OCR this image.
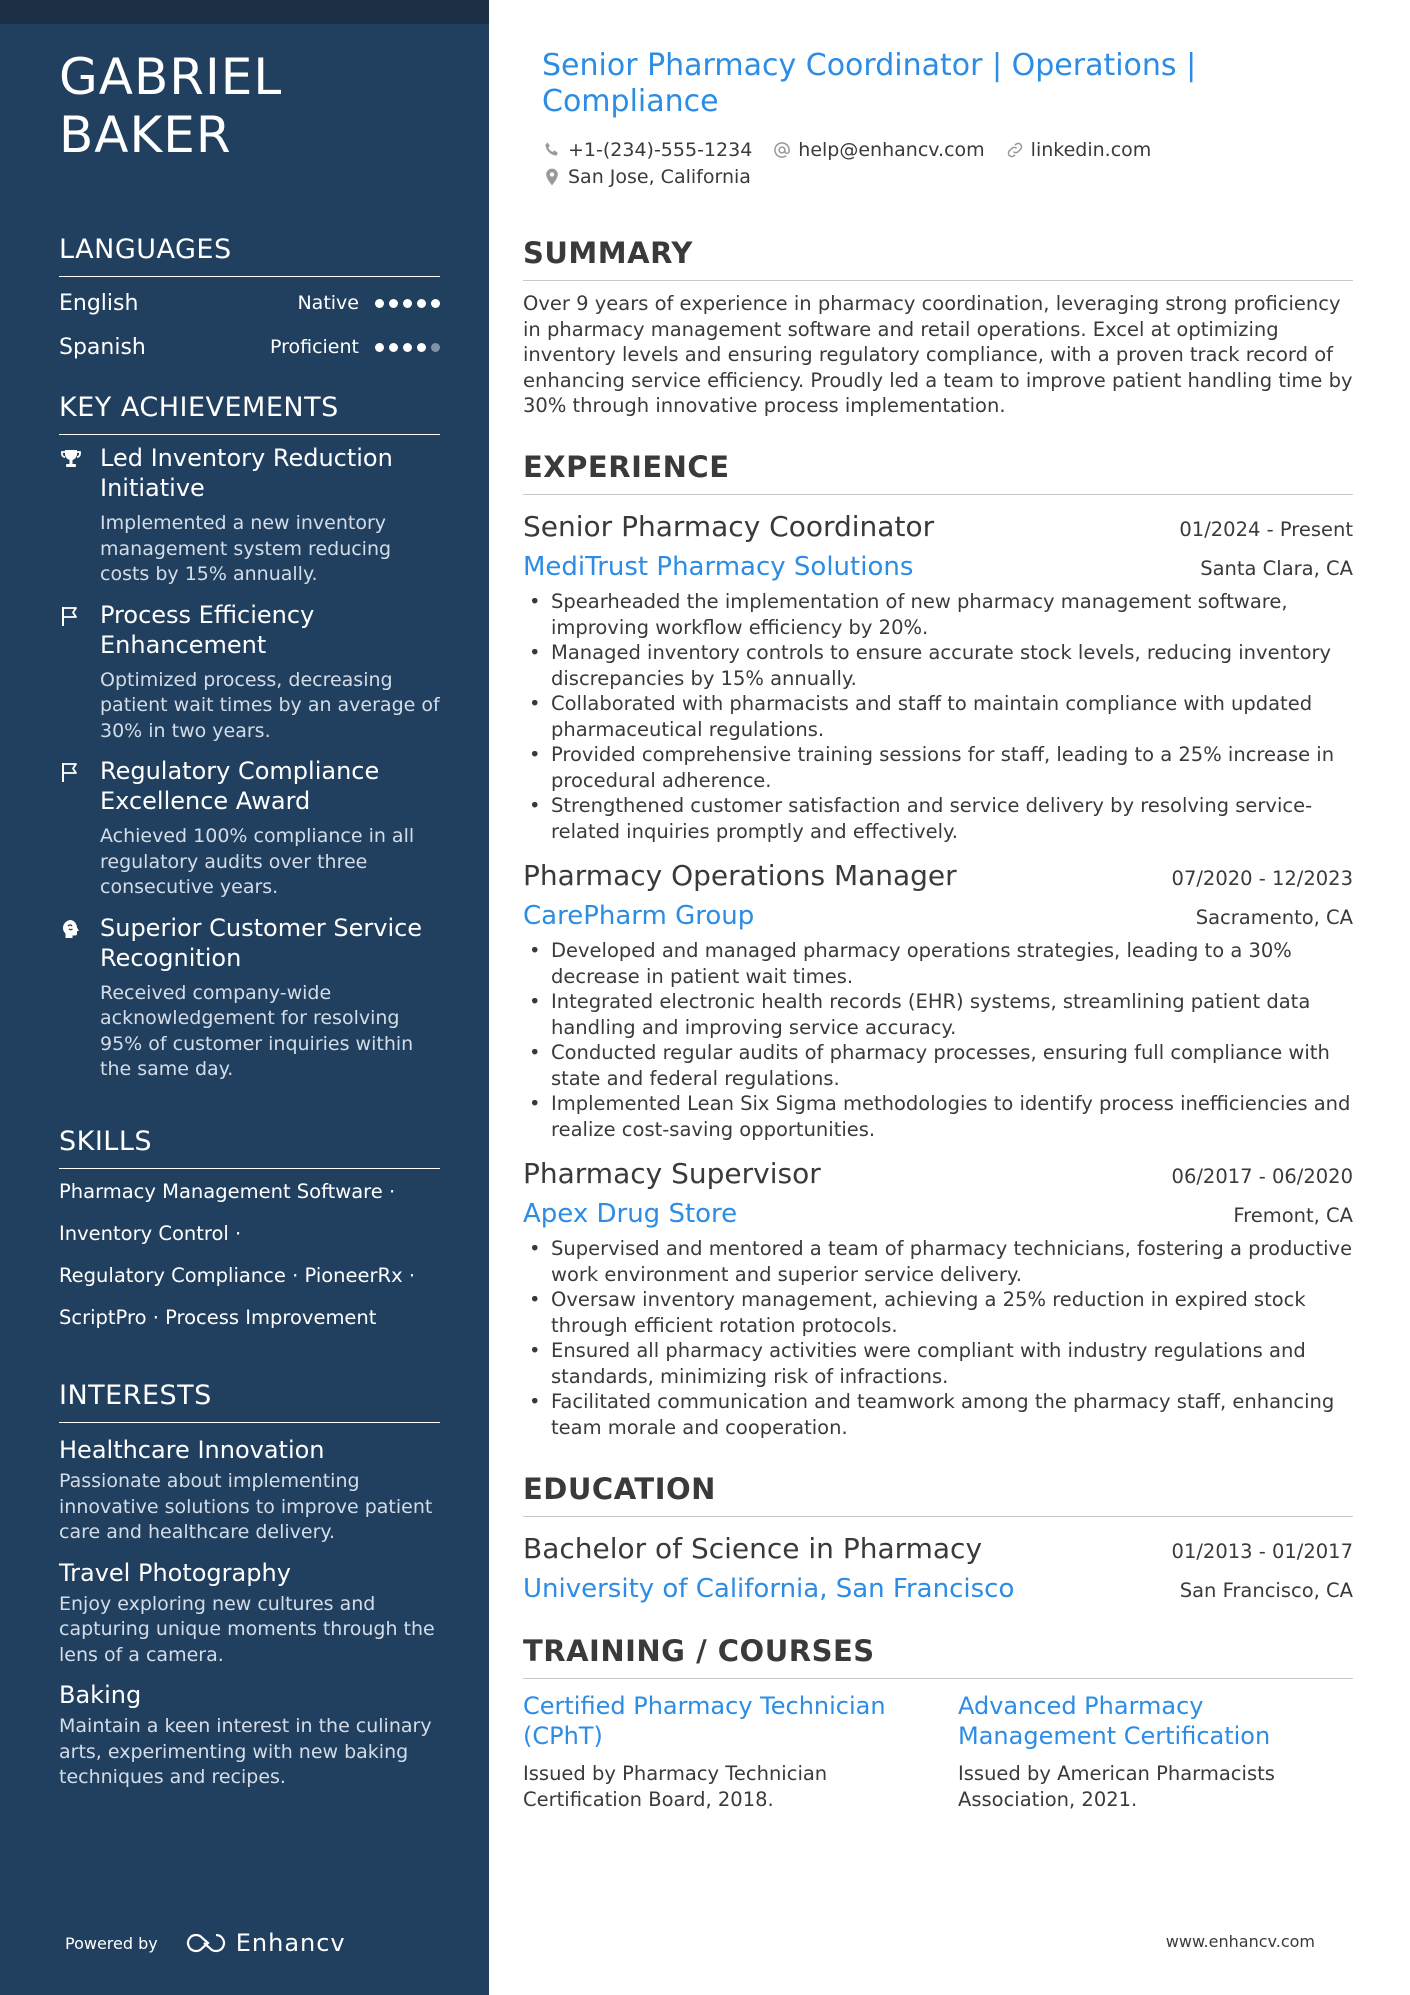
GABRIEL
BAKER
LANGUAGES
English	Native
Spanish	Proficient
KEY ACHIEVEMENTS
Led Inventory Reduction Initiative
Implemented a new inventory management system reducing costs by 15% annually.
Process Efficiency Enhancement
Optimized process, decreasing patient wait times by an average of 30% in two years.
Regulatory Compliance Excellence Award
Achieved 100% compliance in all regulatory audits over three consecutive years.
Superior Customer Service Recognition
Received company-wide acknowledgement for resolving 95% of customer inquiries within the same day.
SKILLS
Pharmacy Management Software ·
Inventory Control ·
Regulatory Compliance · PioneerRx ·
ScriptPro · Process Improvement
INTERESTS
Healthcare Innovation
Passionate about implementing innovative solutions to improve patient care and healthcare delivery.
Travel Photography
Enjoy exploring new cultures and capturing unique moments through the lens of a camera.
Baking
Maintain a keen interest in the culinary arts, experimenting with new baking techniques and recipes.
Powered by	Enhancv
Senior Pharmacy Coordinator | Operations | Compliance
+1-(234)-555-1234 help@enhancv.com linkedin.com
San Jose, California
SUMMARY

Over 9 years of experience in pharmacy coordination, leveraging strong proficiency in pharmacy management software and retail operations. Excel at optimizing inventory levels and ensuring regulatory compliance, with a proven track record of enhancing service efficiency. Proudly led a team to improve patient handling time by 30% through innovative process implementation.

EXPERIENCE
Senior Pharmacy Coordinator	01/2024 - Present
MediTrust Pharmacy Solutions	Santa Clara, CA
• Spearheaded the implementation of new pharmacy management software, improving workflow efficiency by 20%.
• Managed inventory controls to ensure accurate stock levels, reducing inventory discrepancies by 15% annually.
• Collaborated with pharmacists and staff to maintain compliance with updated pharmaceutical regulations.
• Provided comprehensive training sessions for staff, leading to a 25% increase in procedural adherence.
• Strengthened customer satisfaction and service delivery by resolving service-related inquiries promptly and effectively.
Pharmacy Operations Manager	07/2020 - 12/2023
CarePharm Group	Sacramento, CA
• Developed and managed pharmacy operations strategies, leading to a 30% decrease in patient wait times.
• Integrated electronic health records (EHR) systems, streamlining patient data handling and improving service accuracy.
• Conducted regular audits of pharmacy processes, ensuring full compliance with state and federal regulations.
• Implemented Lean Six Sigma methodologies to identify process inefficiencies and realize cost-saving opportunities.
Pharmacy Supervisor	06/2017 - 06/2020
Apex Drug Store	Fremont, CA
• Supervised and mentored a team of pharmacy technicians, fostering a productive work environment and superior service delivery.
• Oversaw inventory management, achieving a 25% reduction in expired stock through efficient rotation protocols.
• Ensured all pharmacy activities were compliant with industry regulations and standards, minimizing risk of infractions.
• Facilitated communication and teamwork among the pharmacy staff, enhancing team morale and cooperation.
EDUCATION
Bachelor of Science in Pharmacy	01/2013 - 01/2017
University of California, San Francisco	San Francisco, CA
TRAINING / COURSES
Certified Pharmacy Technician (CPhT)
Issued by Pharmacy Technician Certification Board, 2018.
Advanced Pharmacy Management Certification
Issued by American Pharmacists Association, 2021.
www.enhancv.com
